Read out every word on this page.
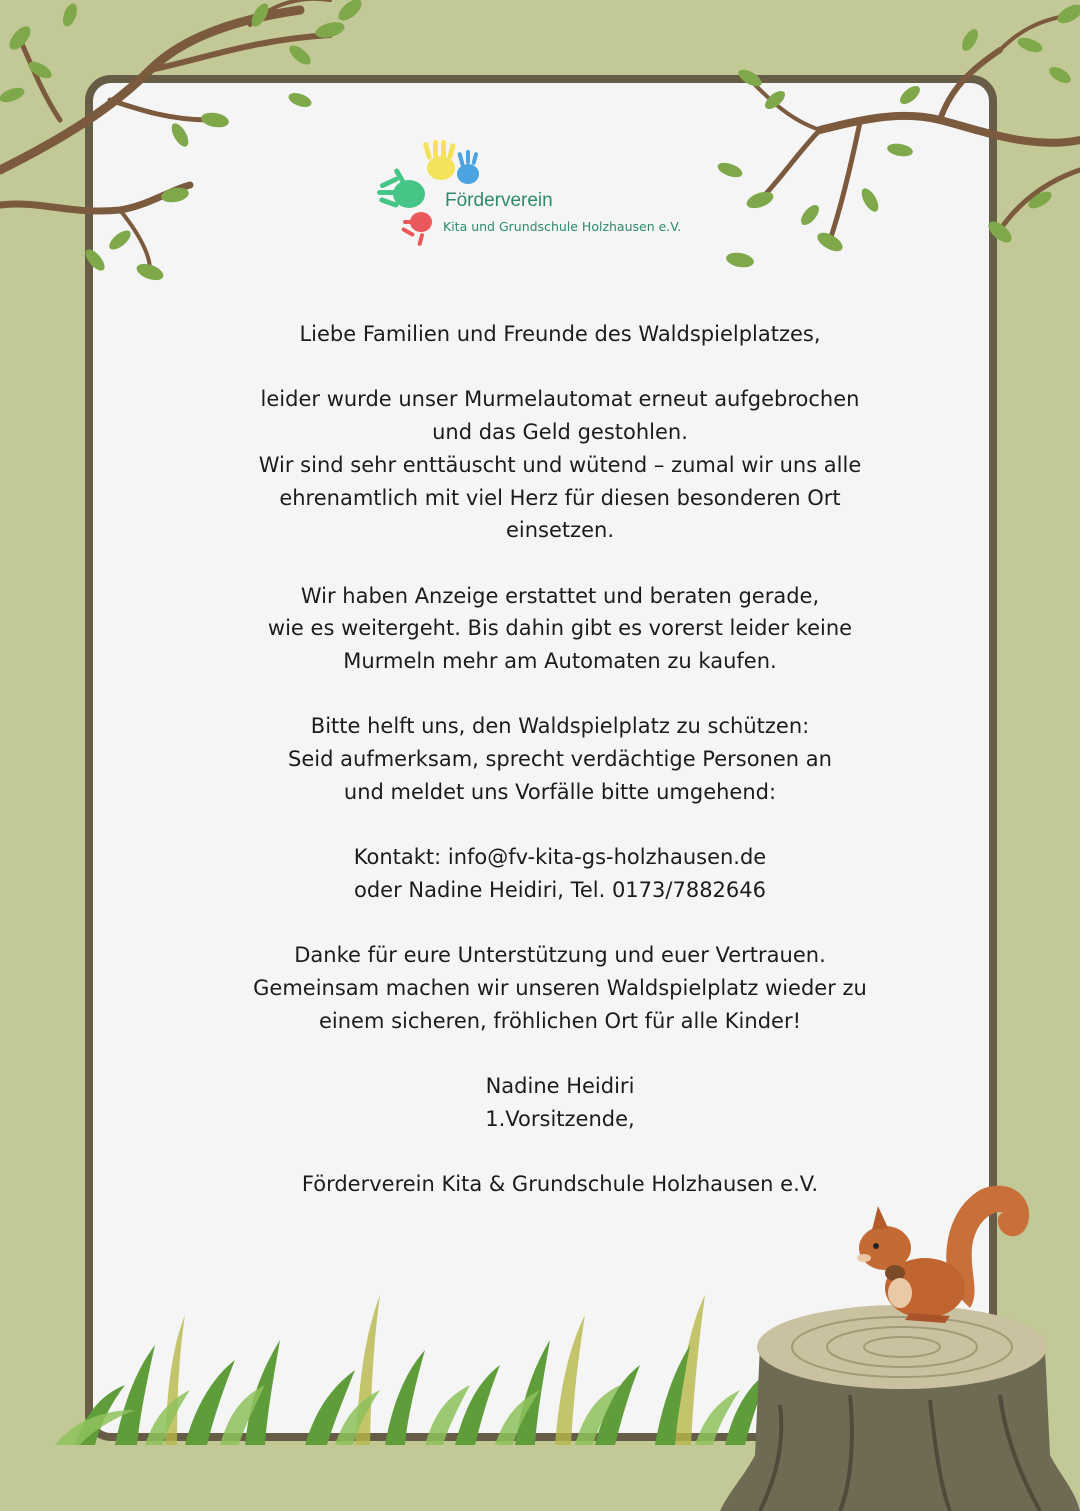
Förderverein
Kita und Grundschule Holzhausen e.V.

Liebe Familien und Freunde des Waldspielplatzes,

leider wurde unser Murmelautomat erneut aufgebrochen

und das Geld gestohlen.

Wir sind sehr enttäuscht und wütend – zumal wir uns alle

ehrenamtlich mit viel Herz für diesen besonderen Ort

einsetzen.

Wir haben Anzeige erstattet und beraten gerade,

wie es weitergeht. Bis dahin gibt es vorerst leider keine

Murmeln mehr am Automaten zu kaufen.

Bitte helft uns, den Waldspielplatz zu schützen:

Seid aufmerksam, sprecht verdächtige Personen an

und meldet uns Vorfälle bitte umgehend:

Kontakt: info@fv-kita-gs-holzhausen.de

oder Nadine Heidiri, Tel. 0173/7882646

Danke für eure Unterstützung und euer Vertrauen.

Gemeinsam machen wir unseren Waldspielplatz wieder zu

einem sicheren, fröhlichen Ort für alle Kinder!

Nadine Heidiri

1.Vorsitzende,

Förderverein Kita & Grundschule Holzhausen e.V.
